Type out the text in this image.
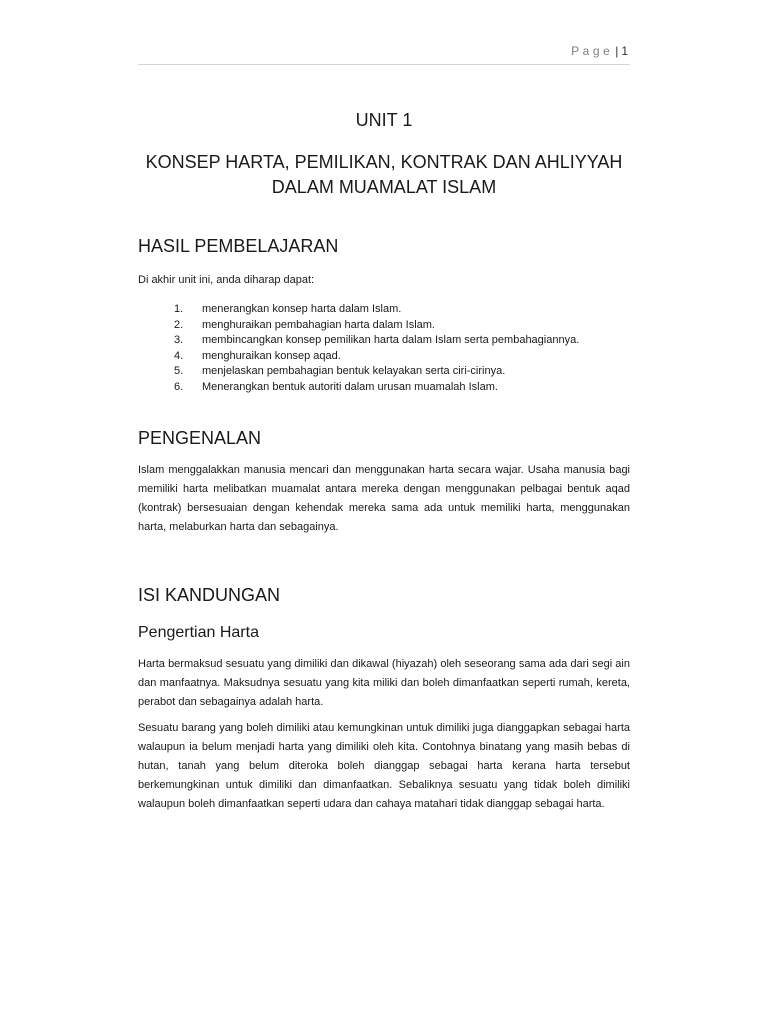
Page | 1
UNIT 1
KONSEP HARTA, PEMILIKAN, KONTRAK DAN AHLIYYAH
DALAM MUAMALAT ISLAM
HASIL PEMBELAJARAN
Di akhir unit ini, anda diharap dapat:
1.	menerangkan konsep harta dalam Islam.
2.	menghuraikan pembahagian harta dalam Islam.
3.	membincangkan konsep pemilikan harta dalam Islam serta pembahagiannya.
4.	menghuraikan konsep aqad.
5.	menjelaskan pembahagian bentuk kelayakan serta ciri-cirinya.
6.	Menerangkan bentuk autoriti dalam urusan muamalah Islam.
PENGENALAN
Islam menggalakkan manusia mencari dan menggunakan harta secara wajar. Usaha manusia bagi memiliki harta melibatkan muamalat antara mereka dengan menggunakan pelbagai bentuk aqad (kontrak) bersesuaian dengan kehendak mereka sama ada untuk memiliki harta, menggunakan harta, melaburkan harta dan sebagainya.
ISI KANDUNGAN
Pengertian Harta
Harta bermaksud sesuatu yang dimiliki dan dikawal (hiyazah) oleh seseorang sama ada dari segi ain dan manfaatnya. Maksudnya sesuatu yang kita miliki dan boleh dimanfaatkan seperti rumah, kereta, perabot dan sebagainya adalah harta.
Sesuatu barang yang boleh dimiliki atau kemungkinan untuk dimiliki juga dianggapkan sebagai harta walaupun ia belum menjadi harta yang dimiliki oleh kita. Contohnya binatang yang masih bebas di hutan, tanah yang belum diteroka boleh dianggap sebagai harta kerana harta tersebut berkemungkinan untuk dimiliki dan dimanfaatkan. Sebaliknya sesuatu yang tidak boleh dimiliki walaupun boleh dimanfaatkan seperti udara dan cahaya matahari tidak dianggap sebagai harta.
